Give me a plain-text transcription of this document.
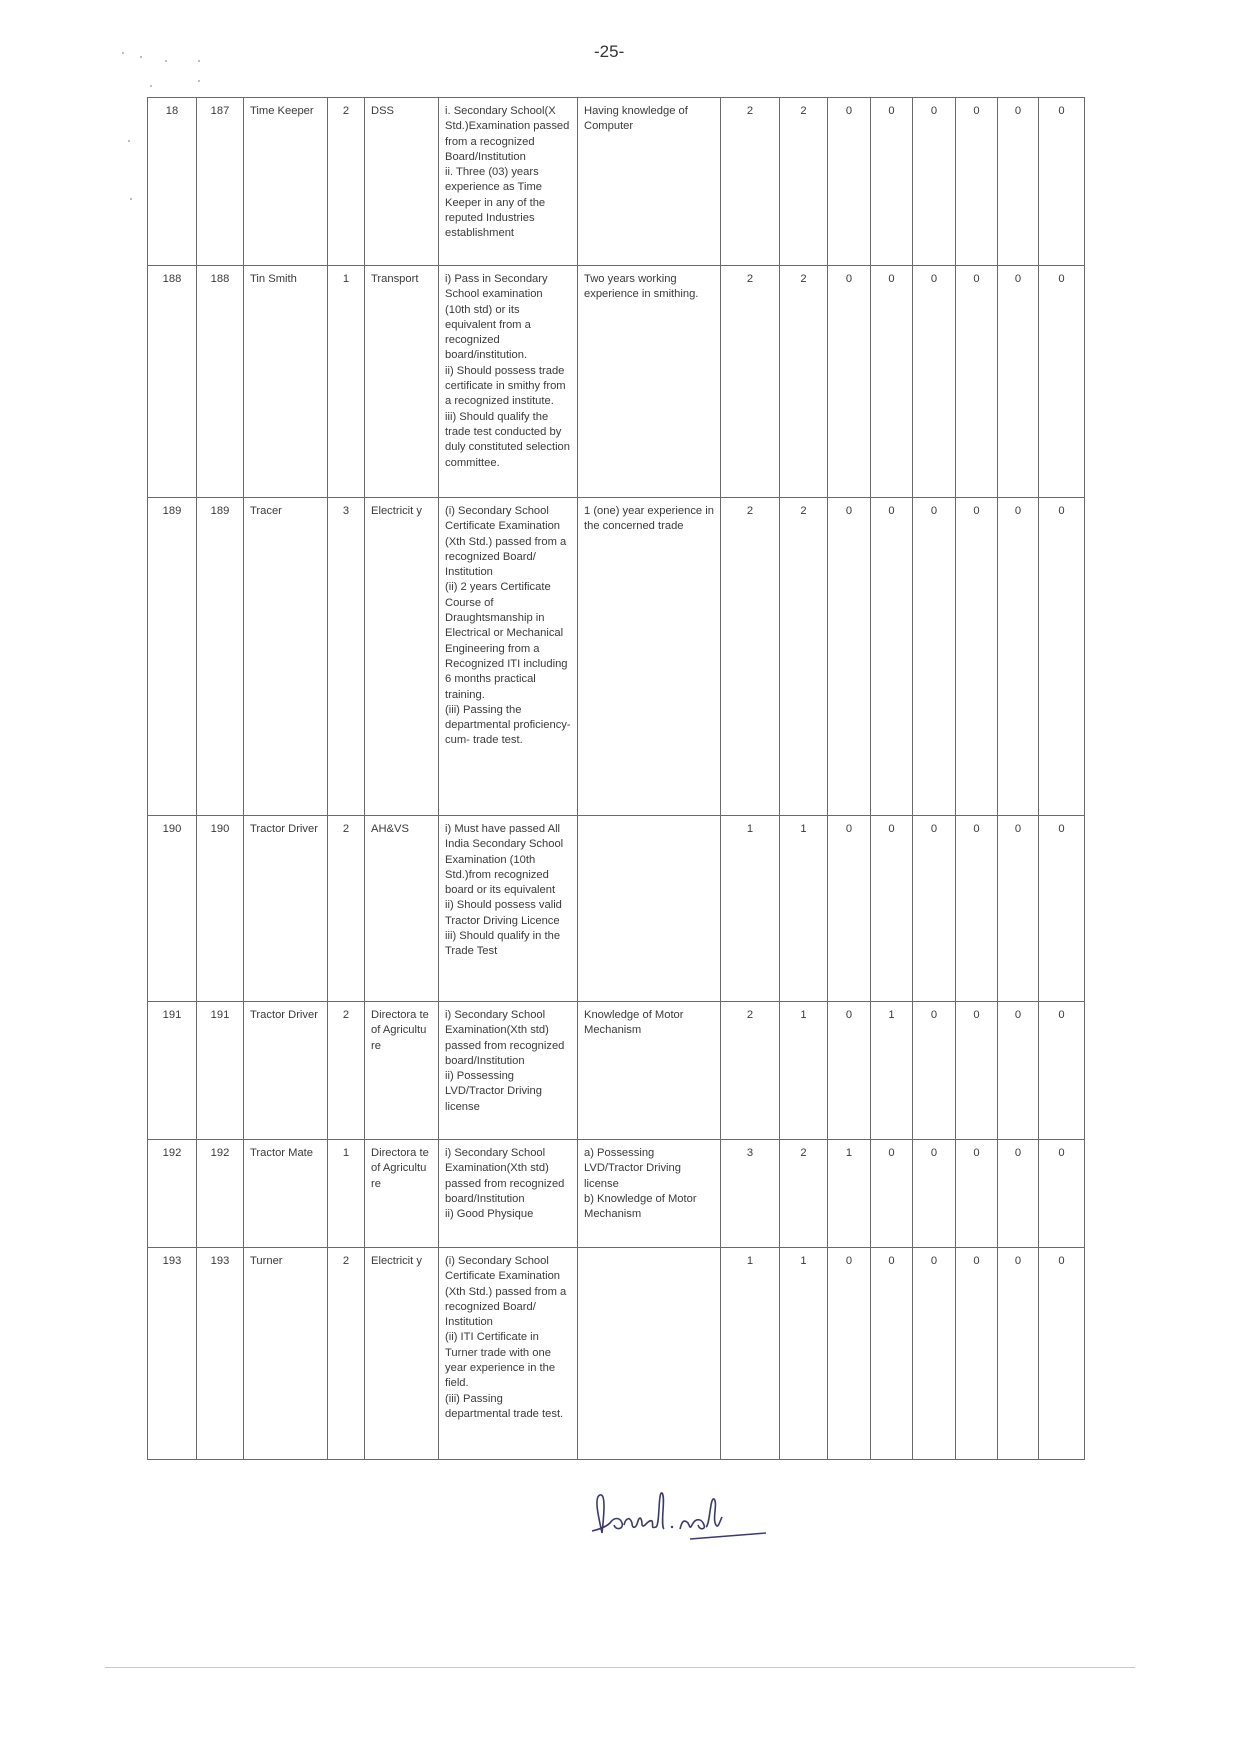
-25-
18	187	Time Keeper	2	DSS	i. Secondary School(X Std.)Examination passed from a recognized Board/Institution
ii. Three (03) years experience as Time Keeper in any of the reputed Industries establishment	Having knowledge of Computer	2	2	0	0	0	0	0	0
188	188	Tin Smith	1	Transport	i) Pass in Secondary School examination (10th std) or its equivalent from a recognized board/institution.
ii) Should possess trade certificate in smithy from a recognized institute.
iii) Should qualify the trade test conducted by duly constituted selection committee.	Two years working experience in smithing.	2	2	0	0	0	0	0	0
189	189	Tracer	3	Electricit y	(i) Secondary School Certificate Examination (Xth Std.) passed from a recognized Board/ Institution
(ii) 2 years Certificate Course of Draughtsmanship in Electrical or Mechanical Engineering from a Recognized ITI including 6 months practical training.
(iii) Passing the departmental proficiency-cum- trade test.	1 (one) year experience in the concerned trade	2	2	0	0	0	0	0	0
190	190	Tractor Driver	2	AH&VS	i) Must have passed All India Secondary School Examination (10th Std.)from recognized board or its equivalent
ii) Should possess valid Tractor Driving Licence
iii) Should qualify in the Trade Test		1	1	0	0	0	0	0	0
191	191	Tractor Driver	2	Directora te of Agricultu re	i) Secondary School Examination(Xth std) passed from recognized board/Institution
ii) Possessing LVD/Tractor Driving license	Knowledge of Motor Mechanism	2	1	0	1	0	0	0	0
192	192	Tractor Mate	1	Directora te of Agricultu re	i) Secondary School Examination(Xth std) passed from recognized board/Institution
ii) Good Physique	a) Possessing LVD/Tractor Driving license
b) Knowledge of Motor Mechanism	3	2	1	0	0	0	0	0
193	193	Turner	2	Electricit y	(i) Secondary School Certificate Examination (Xth Std.) passed from a recognized Board/ Institution
(ii) ITI Certificate in Turner trade with one year experience in the field.
(iii) Passing departmental trade test.		1	1	0	0	0	0	0	0
